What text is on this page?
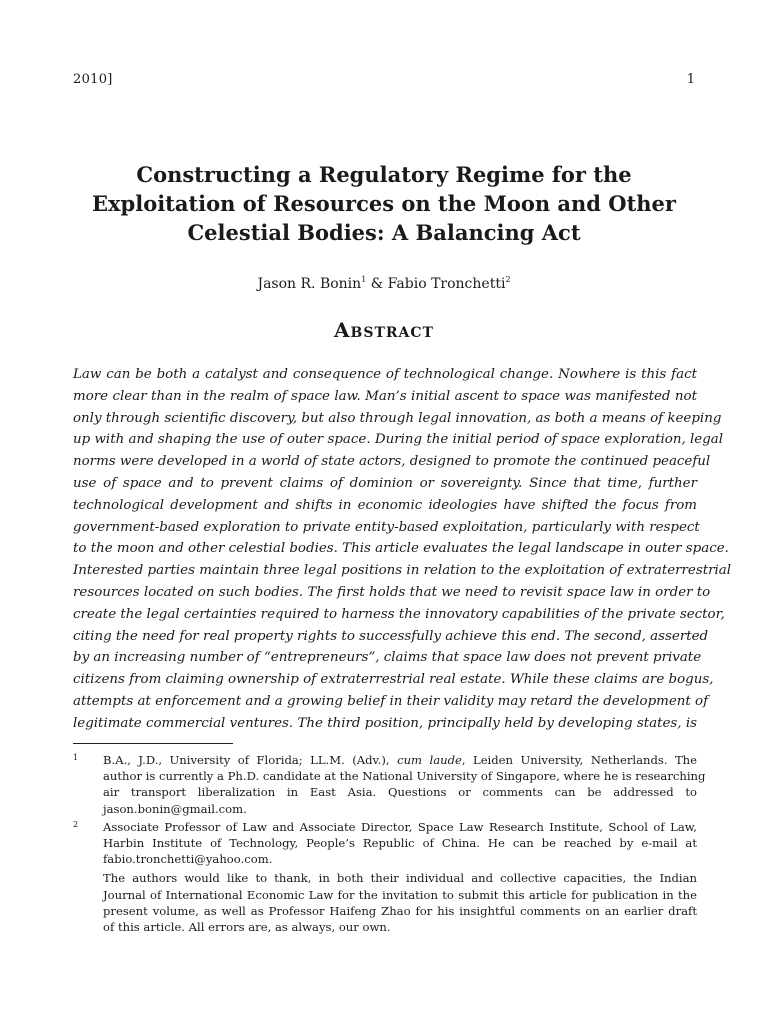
2010]	1
Constructing a Regulatory Regime for the
Exploitation of Resources on the Moon and Other
Celestial Bodies: A Balancing Act
Jason R. Bonin$^1$ & Fabio Tronchetti$^2$
Abstract
Law can be both a catalyst and consequence of technological change. Nowhere is this fact
more clear than in the realm of space law. Man’s initial ascent to space was manifested not
only through scientific discovery, but also through legal innovation, as both a means of keeping
up with and shaping the use of outer space. During the initial period of space exploration, legal
norms were developed in a world of state actors, designed to promote the continued peaceful
use of space and to prevent claims of dominion or sovereignty. Since that time, further
technological development and shifts in economic ideologies have shifted the focus from
government-based exploration to private entity-based exploitation, particularly with respect
to the moon and other celestial bodies. This article evaluates the legal landscape in outer space.
Interested parties maintain three legal positions in relation to the exploitation of extraterrestrial
resources located on such bodies. The first holds that we need to revisit space law in order to
create the legal certainties required to harness the innovatory capabilities of the private sector,
citing the need for real property rights to successfully achieve this end. The second, asserted
by an increasing number of “entrepreneurs”, claims that space law does not prevent private
citizens from claiming ownership of extraterrestrial real estate. While these claims are bogus,
attempts at enforcement and a growing belief in their validity may retard the development of
legitimate commercial ventures. The third position, principally held by developing states, is
1 B.A., J.D., University of Florida; LL.M. (Adv.), cum laude, Leiden University, Netherlands. The
author is currently a Ph.D. candidate at the National University of Singapore, where he is researching
air transport liberalization in East Asia. Questions or comments can be addressed to
jason.bonin@gmail.com.
2 Associate Professor of Law and Associate Director, Space Law Research Institute, School of Law,
Harbin Institute of Technology, People’s Republic of China. He can be reached by e-mail at
fabio.tronchetti@yahoo.com.
The authors would like to thank, in both their individual and collective capacities, the Indian
Journal of International Economic Law for the invitation to submit this article for publication in the
present volume, as well as Professor Haifeng Zhao for his insightful comments on an earlier draft
of this article. All errors are, as always, our own.
